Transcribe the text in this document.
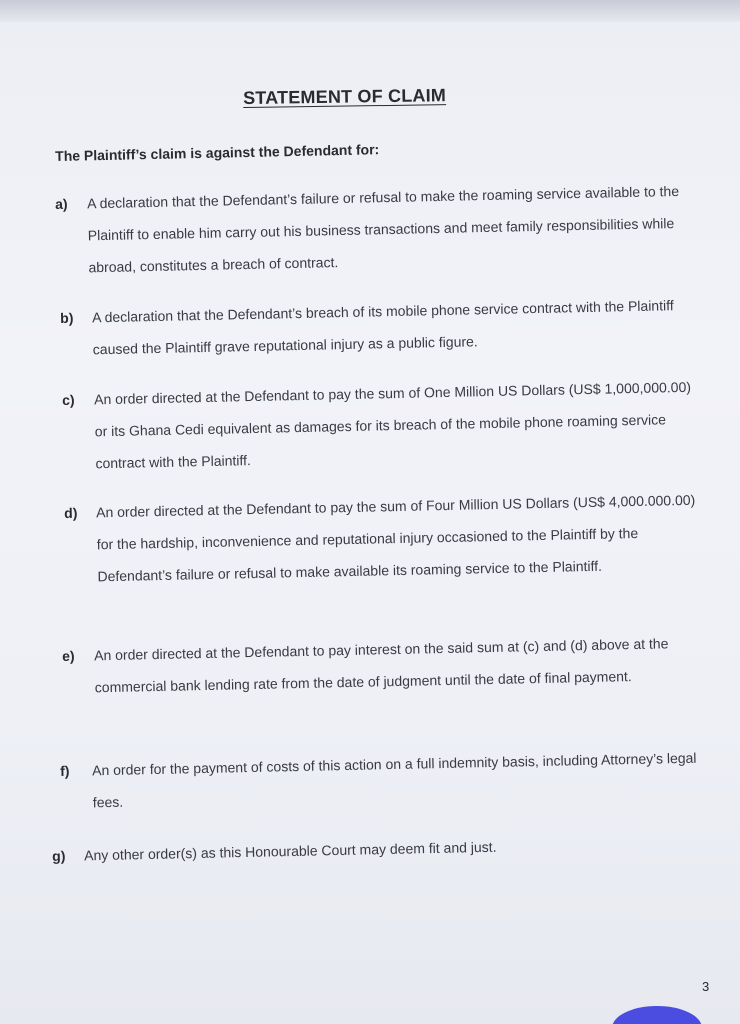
STATEMENT OF CLAIM
The Plaintiff’s claim is against the Defendant for:
a) A declaration that the Defendant’s failure or refusal to make the roaming service available to the Plaintiff to enable him carry out his business transactions and meet family responsibilities while abroad, constitutes a breach of contract.
b) A declaration that the Defendant’s breach of its mobile phone service contract with the Plaintiff caused the Plaintiff grave reputational injury as a public figure.
c) An order directed at the Defendant to pay the sum of One Million US Dollars (US$ 1,000,000.00) or its Ghana Cedi equivalent as damages for its breach of the mobile phone roaming service contract with the Plaintiff.
d) An order directed at the Defendant to pay the sum of Four Million US Dollars (US$ 4,000.000.00) for the hardship, inconvenience and reputational injury occasioned to the Plaintiff by the Defendant’s failure or refusal to make available its roaming service to the Plaintiff.
e) An order directed at the Defendant to pay interest on the said sum at (c) and (d) above at the commercial bank lending rate from the date of judgment until the date of final payment.
f) An order for the payment of costs of this action on a full indemnity basis, including Attorney’s legal fees.
g) Any other order(s) as this Honourable Court may deem fit and just.
3
